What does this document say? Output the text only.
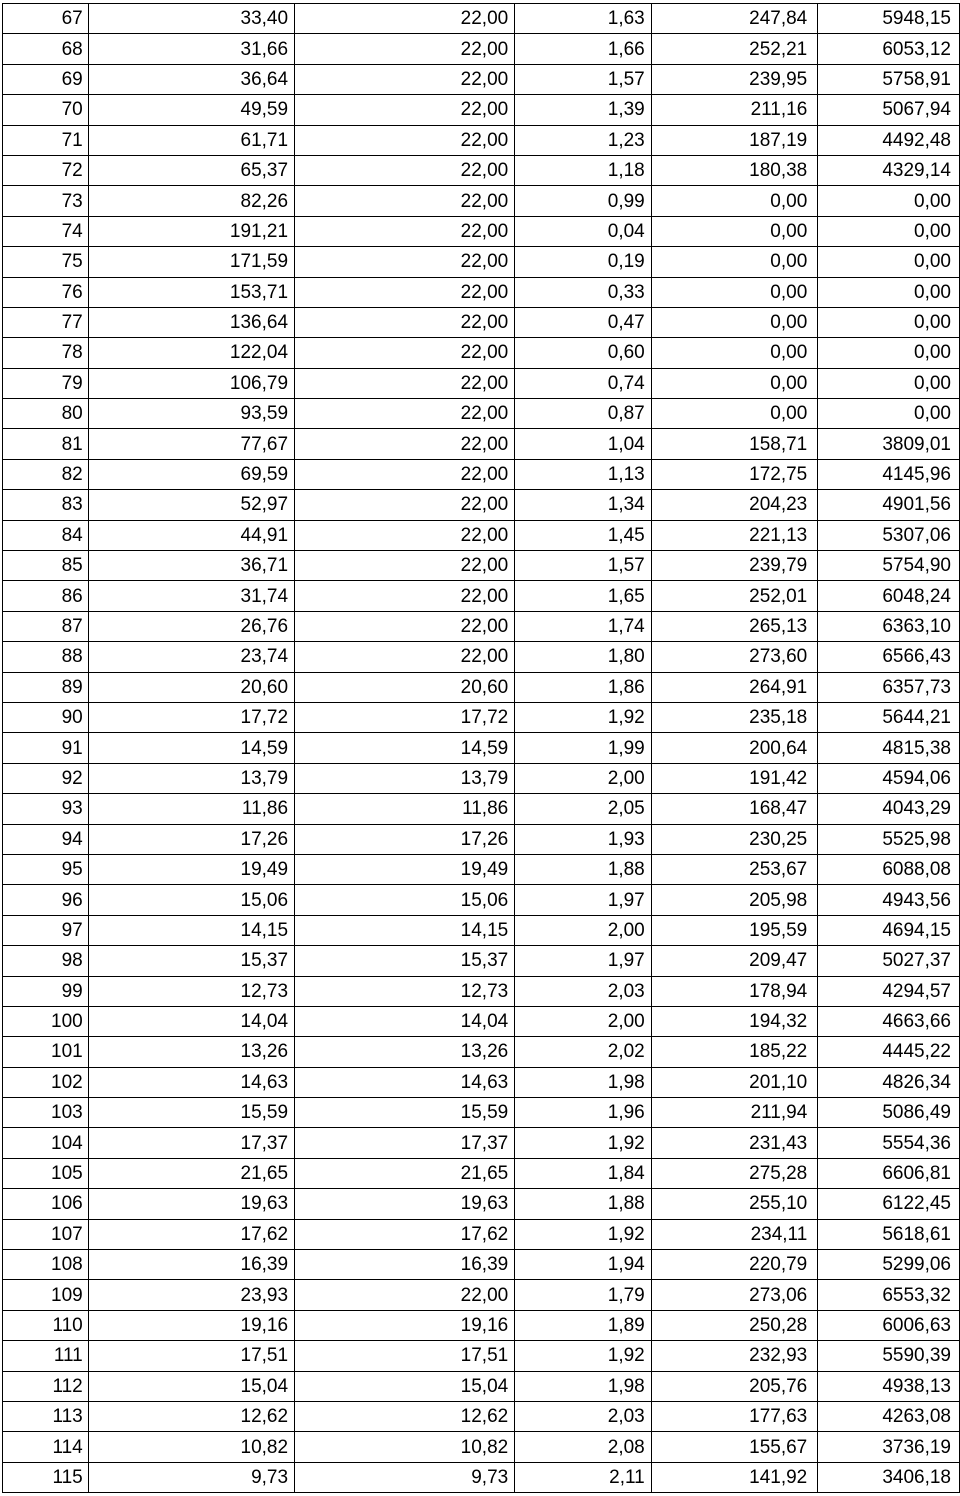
67	33,40	22,00	1,63	247,84	5948,15
68	31,66	22,00	1,66	252,21	6053,12
69	36,64	22,00	1,57	239,95	5758,91
70	49,59	22,00	1,39	211,16	5067,94
71	61,71	22,00	1,23	187,19	4492,48
72	65,37	22,00	1,18	180,38	4329,14
73	82,26	22,00	0,99	0,00	0,00
74	191,21	22,00	0,04	0,00	0,00
75	171,59	22,00	0,19	0,00	0,00
76	153,71	22,00	0,33	0,00	0,00
77	136,64	22,00	0,47	0,00	0,00
78	122,04	22,00	0,60	0,00	0,00
79	106,79	22,00	0,74	0,00	0,00
80	93,59	22,00	0,87	0,00	0,00
81	77,67	22,00	1,04	158,71	3809,01
82	69,59	22,00	1,13	172,75	4145,96
83	52,97	22,00	1,34	204,23	4901,56
84	44,91	22,00	1,45	221,13	5307,06
85	36,71	22,00	1,57	239,79	5754,90
86	31,74	22,00	1,65	252,01	6048,24
87	26,76	22,00	1,74	265,13	6363,10
88	23,74	22,00	1,80	273,60	6566,43
89	20,60	20,60	1,86	264,91	6357,73
90	17,72	17,72	1,92	235,18	5644,21
91	14,59	14,59	1,99	200,64	4815,38
92	13,79	13,79	2,00	191,42	4594,06
93	11,86	11,86	2,05	168,47	4043,29
94	17,26	17,26	1,93	230,25	5525,98
95	19,49	19,49	1,88	253,67	6088,08
96	15,06	15,06	1,97	205,98	4943,56
97	14,15	14,15	2,00	195,59	4694,15
98	15,37	15,37	1,97	209,47	5027,37
99	12,73	12,73	2,03	178,94	4294,57
100	14,04	14,04	2,00	194,32	4663,66
101	13,26	13,26	2,02	185,22	4445,22
102	14,63	14,63	1,98	201,10	4826,34
103	15,59	15,59	1,96	211,94	5086,49
104	17,37	17,37	1,92	231,43	5554,36
105	21,65	21,65	1,84	275,28	6606,81
106	19,63	19,63	1,88	255,10	6122,45
107	17,62	17,62	1,92	234,11	5618,61
108	16,39	16,39	1,94	220,79	5299,06
109	23,93	22,00	1,79	273,06	6553,32
110	19,16	19,16	1,89	250,28	6006,63
111	17,51	17,51	1,92	232,93	5590,39
112	15,04	15,04	1,98	205,76	4938,13
113	12,62	12,62	2,03	177,63	4263,08
114	10,82	10,82	2,08	155,67	3736,19
115	9,73	9,73	2,11	141,92	3406,18
